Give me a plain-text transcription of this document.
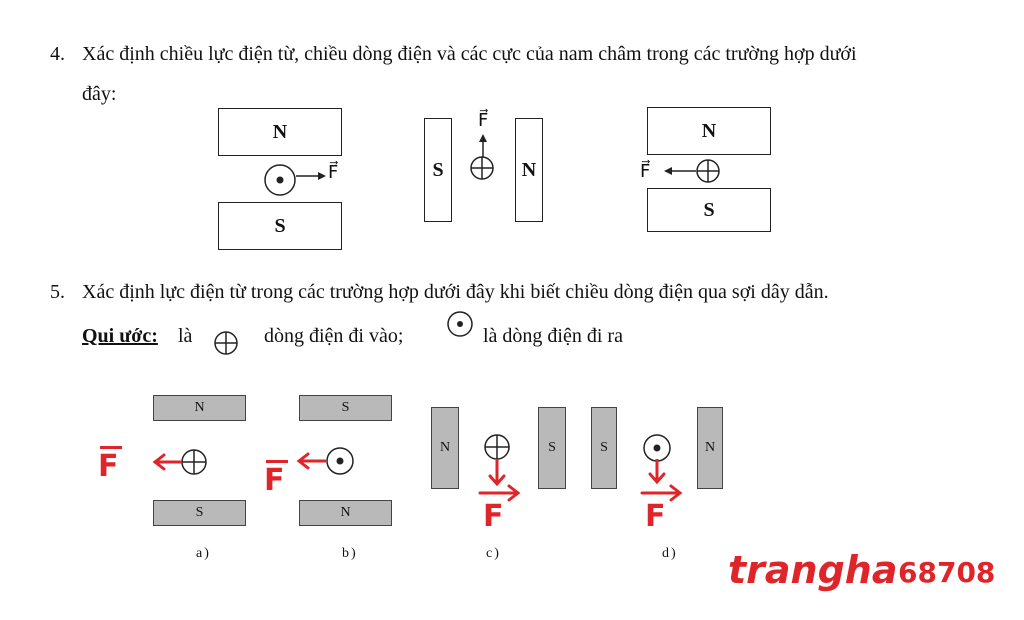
4. Xác định chiều lực điện từ, chiều dòng điện và các cực của nam châm trong các trường hợp dưới
đây:
N
S
F⃗	S	N
F⃗	N
S
F⃗
5. Xác định lực điện từ trong các trường hợp dưới đây khi biết chiều dòng điện qua sợi dây dẫn.
Qui ước: là	dòng điện đi vào;	là dòng điện đi ra
N
S
F
a)
S
N
F
b)
N	S
F
c)
S	N
F
d) trangha 68708
